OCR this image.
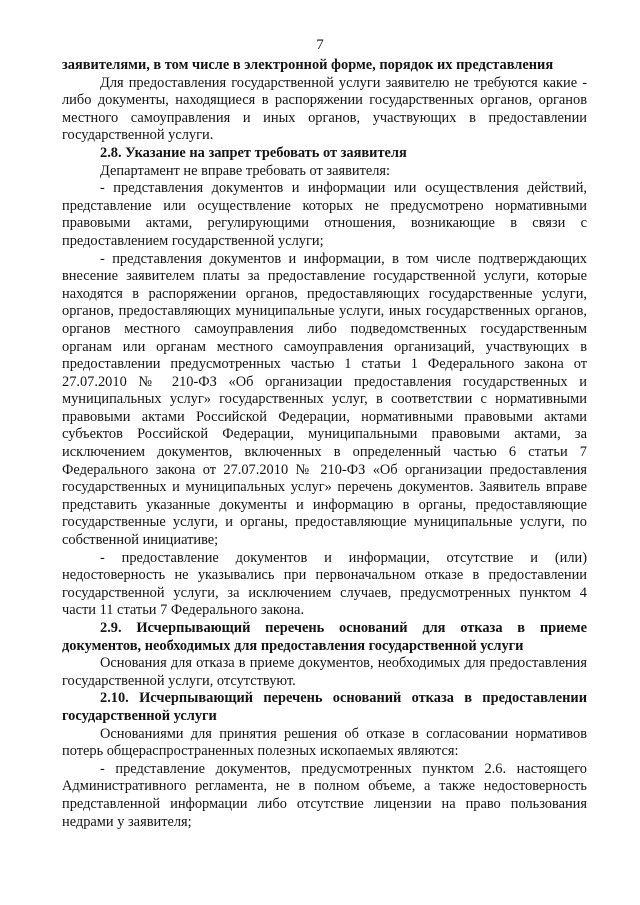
7

заявителями, в том числе в электронной форме, порядок их представления

Для предоставления государственной услуги заявителю не требуются какие - либо документы, находящиеся в распоряжении государственных органов, органов местного самоуправления и иных органов, участвующих в предоставлении государственной услуги.

2.8. Указание на запрет требовать от заявителя

Департамент не вправе требовать от заявителя:

- представления документов и информации или осуществления действий, представление или осуществление которых не предусмотрено нормативными правовыми актами, регулирующими отношения, возникающие в связи с предоставлением государственной услуги;

- представления документов и информации, в том числе подтверждающих внесение заявителем платы за предоставление государственной услуги, которые находятся в распоряжении органов, предоставляющих государственные услуги, органов, предоставляющих муниципальные услуги, иных государственных органов, органов местного самоуправления либо подведомственных государственным органам или органам местного самоуправления организаций, участвующих в предоставлении предусмотренных частью 1 статьи 1 Федерального закона от 27.07.2010 № 210-ФЗ «Об организации предоставления государственных и муниципальных услуг» государственных услуг, в соответствии с нормативными правовыми актами Российской Федерации, нормативными правовыми актами субъектов Российской Федерации, муниципальными правовыми актами, за исключением документов, включенных в определенный частью 6 статьи 7 Федерального закона от 27.07.2010 № 210-ФЗ «Об организации предоставления государственных и муниципальных услуг» перечень документов. Заявитель вправе представить указанные документы и информацию в органы, предоставляющие государственные услуги, и органы, предоставляющие муниципальные услуги, по собственной инициативе;

- предоставление документов и информации, отсутствие и (или) недостоверность не указывались при первоначальном отказе в предоставлении государственной услуги, за исключением случаев, предусмотренных пунктом 4 части 11 статьи 7 Федерального закона.

2.9. Исчерпывающий перечень оснований для отказа в приеме документов, необходимых для предоставления государственной услуги

Основания для отказа в приеме документов, необходимых для предоставления государственной услуги, отсутствуют.

2.10. Исчерпывающий перечень оснований отказа в предоставлении государственной услуги

Основаниями для принятия решения об отказе в согласовании нормативов потерь общераспространенных полезных ископаемых являются:

- представление документов, предусмотренных пунктом 2.6. настоящего Административного регламента, не в полном объеме, а также недостоверность представленной информации либо отсутствие лицензии на право пользования недрами у заявителя;
